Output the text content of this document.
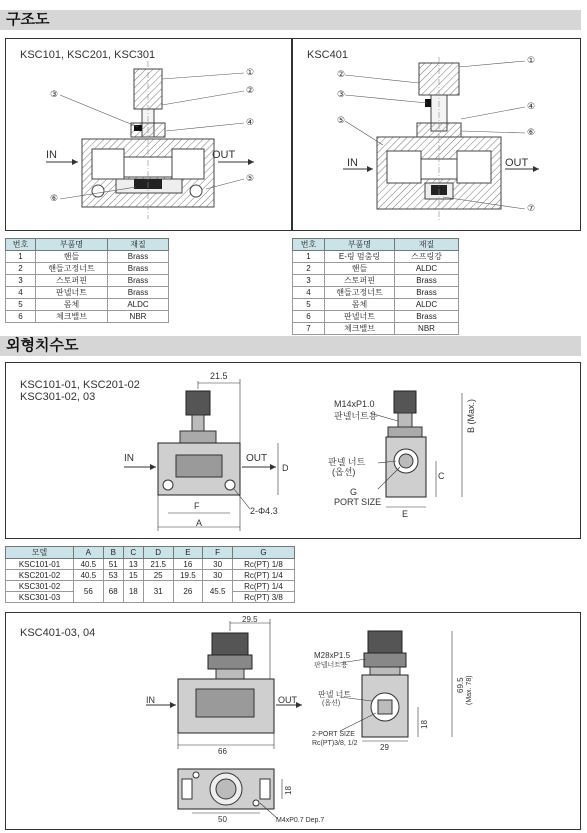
구조도
KSC101, KSC201, KSC301
IN	OUT
①
②
③
④
⑤
⑥
KSC401
IN	OUT
①
②
③
④
⑤
⑥
⑦
번호	부품명	재질
1	핸들	Brass
2	핸들고정너트	Brass
3	스토퍼핀	Brass
4	판넬너트	Brass
5	몸체	ALDC
6	체크밸브	NBR
번호	부품명	재질
1	E-링 멈춤링	스프링강
2	핸들	ALDC
3	스토퍼핀	Brass
4	핸들고정너트	Brass
5	몸체	ALDC
6	판넬너트	Brass
7	체크밸브	NBR
외형치수도
KSC101-01, KSC201-02
KSC301-02, 03
21.5
IN	OUT
D
F
A
2-Φ4.3
M14xP1.0
판넬너트용
판넬 너트
(옵션)
B (Max.)
C
G
PORT SIZE
E
모델	A	B	C	D	E	F	G
KSC101-01	40.5	51	13	21.5	16	30	Rc(PT) 1/8
KSC201-02	40.5	53	15	25	19.5	30	Rc(PT) 1/4
KSC301-02	56	68	18	31	26	45.5	Rc(PT) 1/4
KSC301-03							Rc(PT) 3/8
KSC401-03, 04
29.5
IN	OUT
66
M28xP1.5
판넬너트용
판넬 너트
(옵션)
69.5 (Max. 78)
18
2-PORT SIZE
Rc(PT)3/8, 1/2	29
18
50	M4xP0.7 Dep.7
